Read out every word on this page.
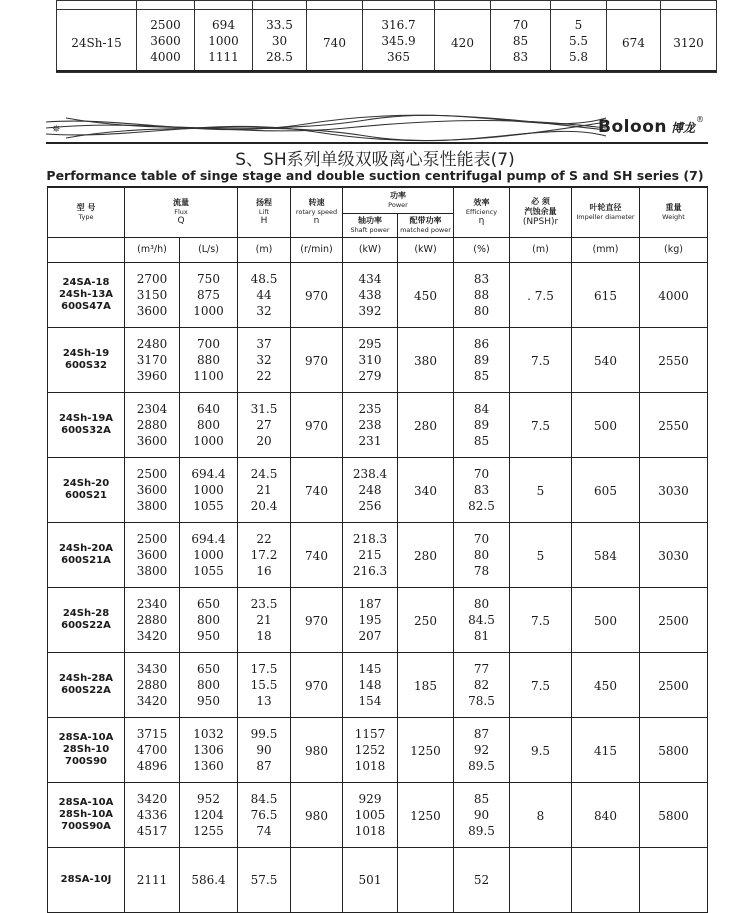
24Sh-15	2500
3600
4000	694
1000
1111	33.5
30
28.5	740	316.7
345.9
365	420	70
85
83	5
5.5
5.8	674	3120
✵	Boloon 博龙
®
S、SH系列单级双吸离心泵性能表(7)
Performance table of singe stage and double suction centrifugal pump of S and SH series (7)
型 号
Type	流量
Flux
Q		扬程
Lift
H	转速
rotary speed
n	功率
Power		效率
Efficiency
η	必 须
汽蚀余量
(NPSH)r	叶轮直径
Impeller diameter	重量
Weight

					轴功率
Shaft power	配带功率
matched power				

	(m³/h)	(L/s)	(m)	(r/min)	(kW)	(kW)	(%)	(m)	(mm)	(kg)

24SA-18
24Sh-13A
600S47A	2700
3150
3600	750
875
1000	48.5
44
32	970	434
438
392	450	83
88
80	. 7.5	615	4000

24Sh-19
600S32	2480
3170
3960	700
880
1100	37
32
22	970	295
310
279	380	86
89
85	7.5	540	2550

24Sh-19A
600S32A	2304
2880
3600	640
800
1000	31.5
27
20	970	235
238
231	280	84
89
85	7.5	500	2550

24Sh-20
600S21	2500
3600
3800	694.4
1000
1055	24.5
21
20.4	740	238.4
248
256	340	70
83
82.5	5	605	3030

24Sh-20A
600S21A	2500
3600
3800	694.4
1000
1055	22
17.2
16	740	218.3
215
216.3	280	70
80
78	5	584	3030

24Sh-28
600S22A	2340
2880
3420	650
800
950	23.5
21
18	970	187
195
207	250	80
84.5
81	7.5	500	2500

24Sh-28A
600S22A	3430
2880
3420	650
800
950	17.5
15.5
13	970	145
148
154	185	77
82
78.5	7.5	450	2500

28SA-10A
28Sh-10
700S90	3715
4700
4896	1032
1306
1360	99.5
90
87	980	1157
1252
1018	1250	87
92
89.5	9.5	415	5800

28SA-10A
28Sh-10A
700S90A	3420
4336
4517	952
1204
1255	84.5
76.5
74	980	929
1005
1018	1250	85
90
89.5	8	840	5800

28SA-10J	2111	586.4	57.5		501		52			
